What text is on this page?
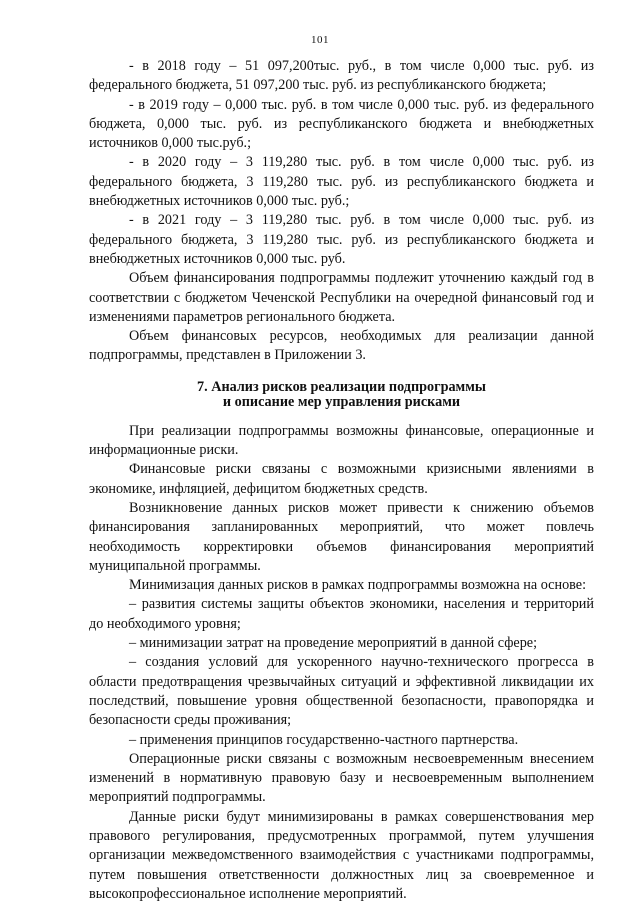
101

- в 2018 году – 51 097,200тыс. руб., в том числе 0,000 тыс. руб. из федерального бюджета, 51 097,200 тыс. руб. из республиканского бюджета;

- в 2019 году – 0,000 тыс. руб. в том числе 0,000 тыс. руб. из федерального бюджета, 0,000 тыс. руб. из республиканского бюджета и внебюджетных источников 0,000 тыс.руб.;

- в 2020 году – 3 119,280 тыс. руб. в том числе 0,000 тыс. руб. из федерального бюджета, 3 119,280 тыс. руб. из республиканского бюджета и внебюджетных источников 0,000 тыс. руб.;

- в 2021 году – 3 119,280 тыс. руб. в том числе 0,000 тыс. руб. из федерального бюджета, 3 119,280 тыс. руб. из республиканского бюджета и внебюджетных источников 0,000 тыс. руб.

Объем финансирования подпрограммы подлежит уточнению каждый год в соответствии с бюджетом Чеченской Республики на очередной финансовый год и изменениями параметров регионального бюджета.

Объем финансовых ресурсов, необходимых для реализации данной подпрограммы, представлен в Приложении 3.

7. Анализ рисков реализации подпрограммы
и описание мер управления рисками

При реализации подпрограммы возможны финансовые, операционные и информационные риски.

Финансовые риски связаны с возможными кризисными явлениями в экономике, инфляцией, дефицитом бюджетных средств.

Возникновение данных рисков может привести к снижению объемов финансирования запланированных мероприятий, что может повлечь необходимость корректировки объемов финансирования мероприятий муниципальной программы.

Минимизация данных рисков в рамках подпрограммы возможна на основе:

– развития системы защиты объектов экономики, населения и территорий до необходимого уровня;

– минимизации затрат на проведение мероприятий в данной сфере;

– создания условий для ускоренного научно-технического прогресса в области предотвращения чрезвычайных ситуаций и эффективной ликвидации их последствий, повышение уровня общественной безопасности, правопорядка и безопасности среды проживания;

– применения принципов государственно-частного партнерства.

Операционные риски связаны с возможным несвоевременным внесением изменений в нормативную правовую базу и несвоевременным выполнением мероприятий подпрограммы.

Данные риски будут минимизированы в рамках совершенствования мер правового регулирования, предусмотренных программой, путем улучшения организации межведомственного взаимодействия с участниками подпрограммы, путем повышения ответственности должностных лиц за своевременное и высокопрофессиональное исполнение мероприятий.
